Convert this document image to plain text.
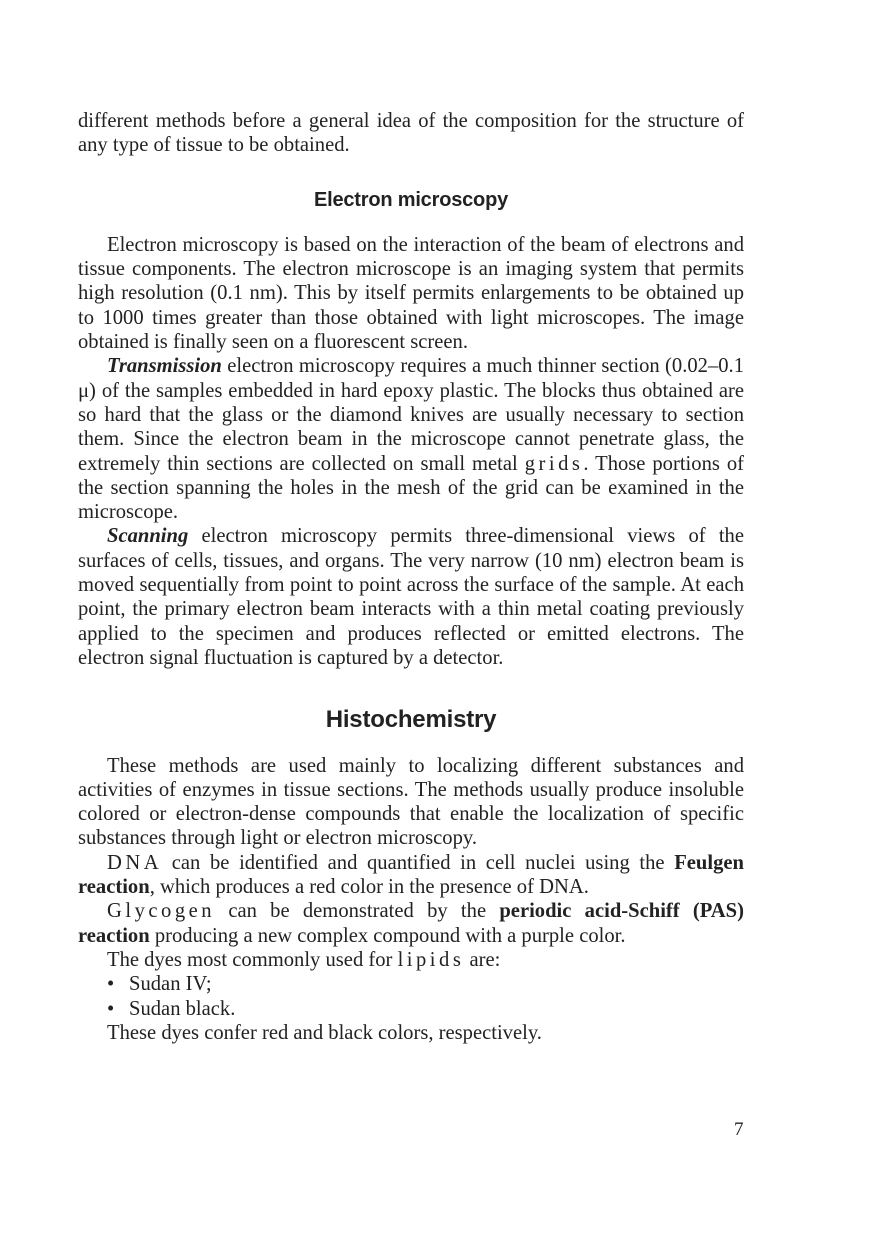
different methods before a general idea of the composition for the structure of any type of tissue to be obtained.

Electron microscopy

Electron microscopy is based on the interaction of the beam of electrons and tissue components. The electron microscope is an imaging system that permits high resolution (0.1 nm). This by itself permits enlargements to be obtained up to 1000 times greater than those obtained with light microscopes. The image obtained is finally seen on a fluorescent screen.

Transmission electron microscopy requires a much thinner section (0.02–0.1 μ) of the samples embedded in hard epoxy plastic. The blocks thus obtained are so hard that the glass or the diamond knives are usually necessary to section them. Since the electron beam in the microscope cannot penetrate glass, the extremely thin sections are collected on small metal grids. Those portions of the section spanning the holes in the mesh of the grid can be examined in the microscope.

Scanning electron microscopy permits three-dimensional views of the surfaces of cells, tissues, and organs. The very narrow (10 nm) electron beam is moved sequentially from point to point across the surface of the sample. At each point, the primary electron beam interacts with a thin metal coating previously applied to the specimen and produces reflected or emitted electrons. The electron signal fluctuation is captured by a detector.

Histochemistry

These methods are used mainly to localizing different substances and activities of enzymes in tissue sections. The methods usually produce insoluble colored or electron-dense compounds that enable the localization of specific substances through light or electron microscopy.

DNA can be identified and quantified in cell nuclei using the Feulgen reaction, which produces a red color in the presence of DNA.

Glycogen can be demonstrated by the periodic acid-Schiff (PAS) reaction producing a new complex compound with a purple color.

The dyes most commonly used for lipids are:

• Sudan IV;

• Sudan black.

These dyes confer red and black colors, respectively.

7
